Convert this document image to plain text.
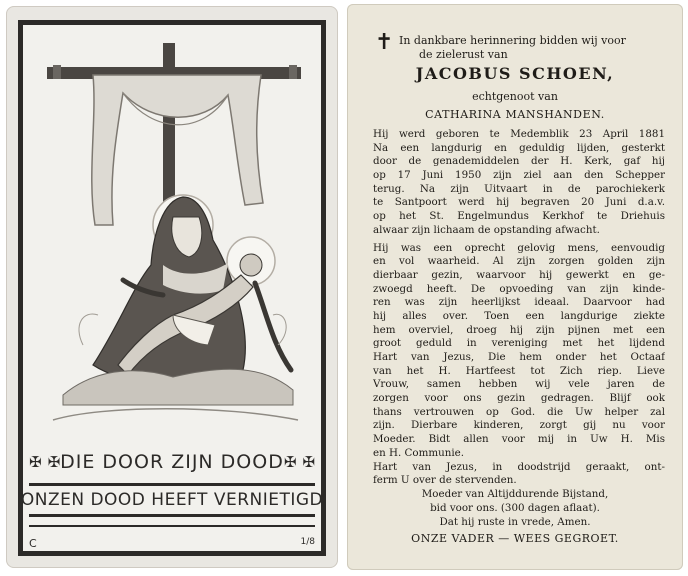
✠ ✠ DIE DOOR ZIJN DOOD ✠ ✠
ONZEN DOOD HEEFT VERNIETIGD
C	1/8
✝ In dankbare herinnering bidden wij voor
de zielerust van
JACOBUS SCHOEN,
echtgenoot van
CATHARINA MANSHANDEN.
Hij werd geboren te Medemblik 23 April 1881
Na een langdurig en geduldig lijden, gesterkt
door de genademiddelen der H. Kerk, gaf hij
op 17 Juni 1950 zijn ziel aan den Schepper
terug. Na zijn Uitvaart in de parochiekerk
te Santpoort werd hij begraven 20 Juni d.a.v.
op het St. Engelmundus Kerkhof te Driehuis
alwaar zijn lichaam de opstanding afwacht.
Hij was een oprecht gelovig mens, eenvoudig
en vol waarheid. Al zijn zorgen golden zijn
dierbaar gezin, waarvoor hij gewerkt en ge-
zwoegd heeft. De opvoeding van zijn kinde-
ren was zijn heerlijkst ideaal. Daarvoor had
hij alles over. Toen een langdurige ziekte
hem overviel, droeg hij zijn pijnen met een
groot geduld in vereniging met het lijdend
Hart van Jezus, Die hem onder het Octaaf
van het H. Hartfeest tot Zich riep. Lieve
Vrouw, samen hebben wij vele jaren de
zorgen voor ons gezin gedragen. Blijf ook
thans vertrouwen op God. die Uw helper zal
zijn. Dierbare kinderen, zorgt gij nu voor
Moeder. Bidt allen voor mij in Uw H. Mis
en H. Communie.
Hart van Jezus, in doodstrijd geraakt, ont-
ferm U over de stervenden.
Moeder van Altijddurende Bijstand,
bid voor ons. (300 dagen aflaat).
Dat hij ruste in vrede, Amen.
ONZE VADER — WEES GEGROET.
